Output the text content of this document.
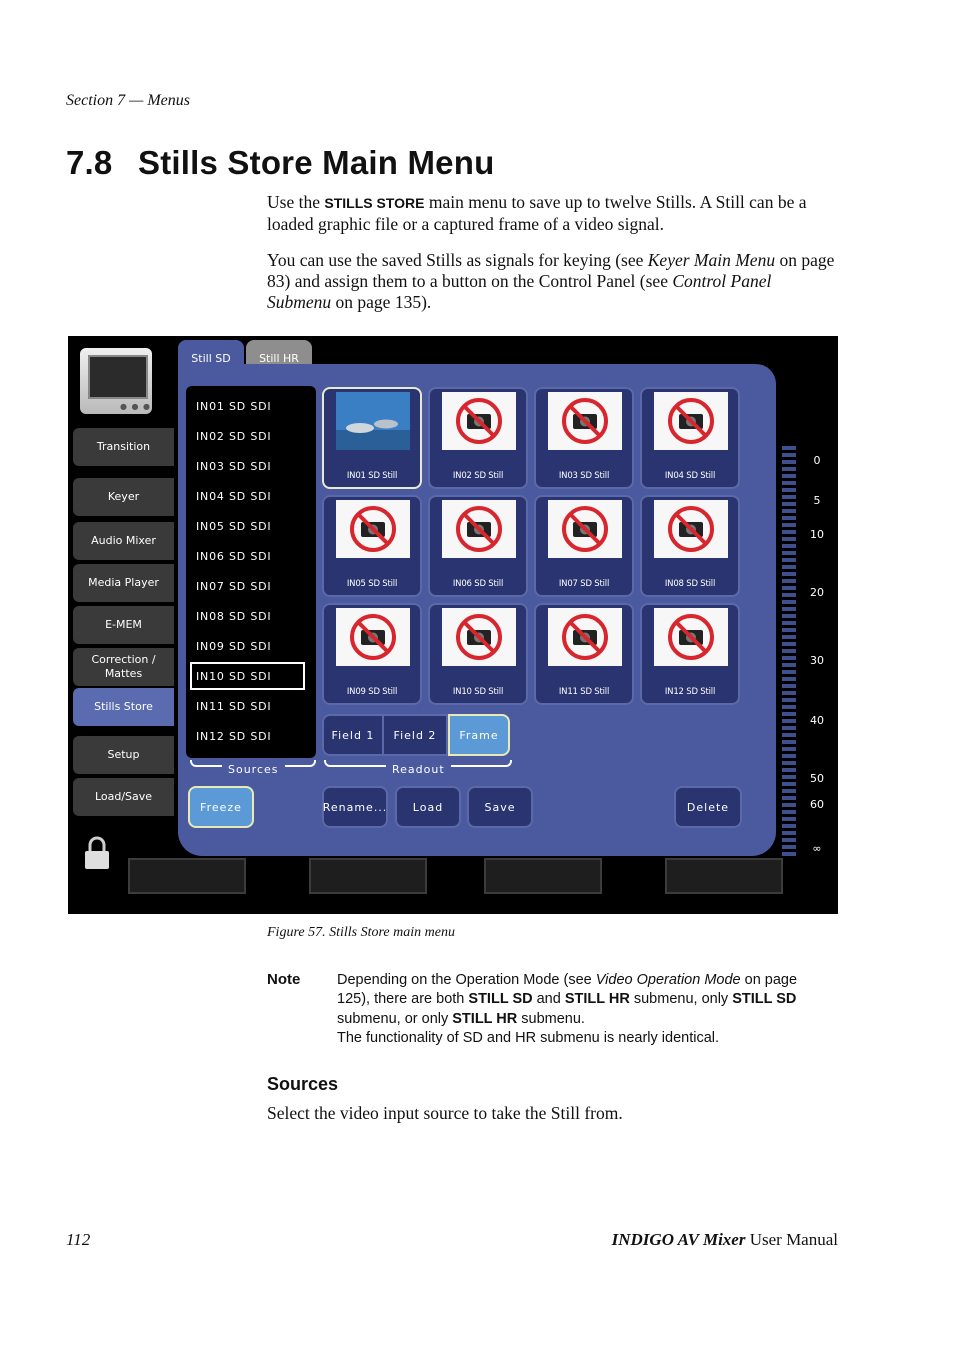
Section 7 — Menus
7.8 Stills Store Main Menu
Use the STILLS STORE main menu to save up to twelve Stills. A Still can be a loaded graphic file or a captured frame of a video signal.
You can use the saved Stills as signals for keying (see Keyer Main Menu on page 83) and assign them to a button on the Control Panel (see Control Panel Submenu on page 135).
● ● ●
Transition
Keyer
Audio Mixer
Media Player
E-MEM
Correction /
Mattes
Stills Store
Setup
Load/Save
Still HR
Still SD
IN01 SD SDI
IN02 SD SDI
IN03 SD SDI
IN04 SD SDI
IN05 SD SDI
IN06 SD SDI
IN07 SD SDI
IN08 SD SDI
IN09 SD SDI
IN10 SD SDI
IN11 SD SDI
IN12 SD SDI
Sources
IN01 SD Still	IN02 SD Still	IN03 SD Still	IN04 SD Still
IN05 SD Still	IN06 SD Still	IN07 SD Still	IN08 SD Still
IN09 SD Still	IN10 SD Still	IN11 SD Still	IN12 SD Still
Field 1	Field 2	Frame
Readout
Freeze	Rename...	Load	Save	Delete
0
5
10
20
30
40
50
60
∞
Figure 57. Stills Store main menu
Note	Depending on the Operation Mode (see Video Operation Mode on page 125), there are both STILL SD and STILL HR submenu, only STILL SD submenu, or only STILL HR submenu.
The functionality of SD and HR submenu is nearly identical.
Sources
Select the video input source to take the Still from.
112	INDIGO AV Mixer User Manual
